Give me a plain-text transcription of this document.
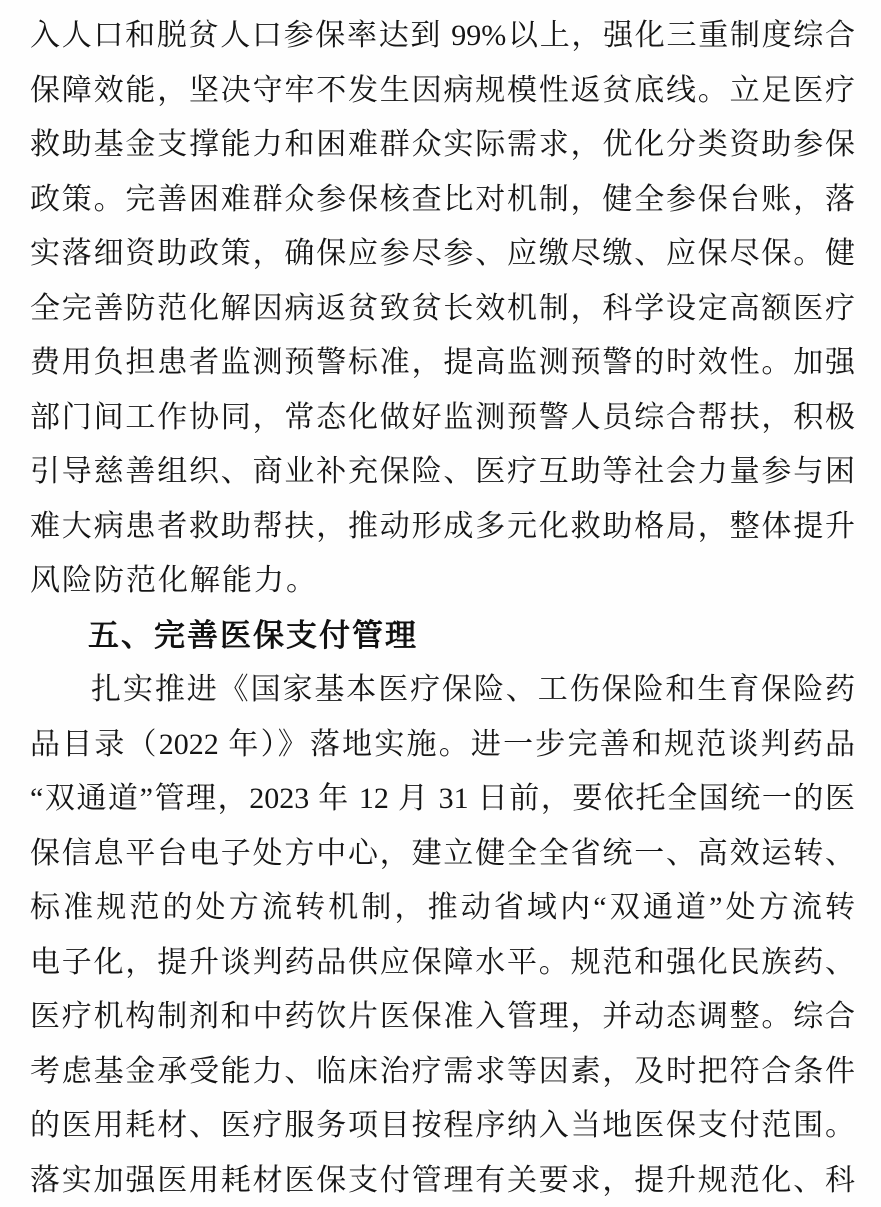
入人口和脱贫人口参保率达到 99%以上，强化三重制度综合
保障效能，坚决守牢不发生因病规模性返贫底线。立足医疗
救助基金支撑能力和困难群众实际需求，优化分类资助参保
政策。完善困难群众参保核查比对机制，健全参保台账，落
实落细资助政策，确保应参尽参、应缴尽缴、应保尽保。健
全完善防范化解因病返贫致贫长效机制，科学设定高额医疗
费用负担患者监测预警标准，提高监测预警的时效性。加强
部门间工作协同，常态化做好监测预警人员综合帮扶，积极
引导慈善组织、商业补充保险、医疗互助等社会力量参与困
难大病患者救助帮扶，推动形成多元化救助格局，整体提升
风险防范化解能力。
五、完善医保支付管理
扎实推进《国家基本医疗保险、工伤保险和生育保险药
品目录（2022 年）》落地实施。进一步完善和规范谈判药品
“双通道”管理，2023 年 12 月 31 日前，要依托全国统一的医
保信息平台电子处方中心，建立健全全省统一、高效运转、
标准规范的处方流转机制，推动省域内“双通道”处方流转
电子化，提升谈判药品供应保障水平。规范和强化民族药、
医疗机构制剂和中药饮片医保准入管理，并动态调整。综合
考虑基金承受能力、临床治疗需求等因素，及时把符合条件
的医用耗材、医疗服务项目按程序纳入当地医保支付范围。
落实加强医用耗材医保支付管理有关要求，提升规范化、科
